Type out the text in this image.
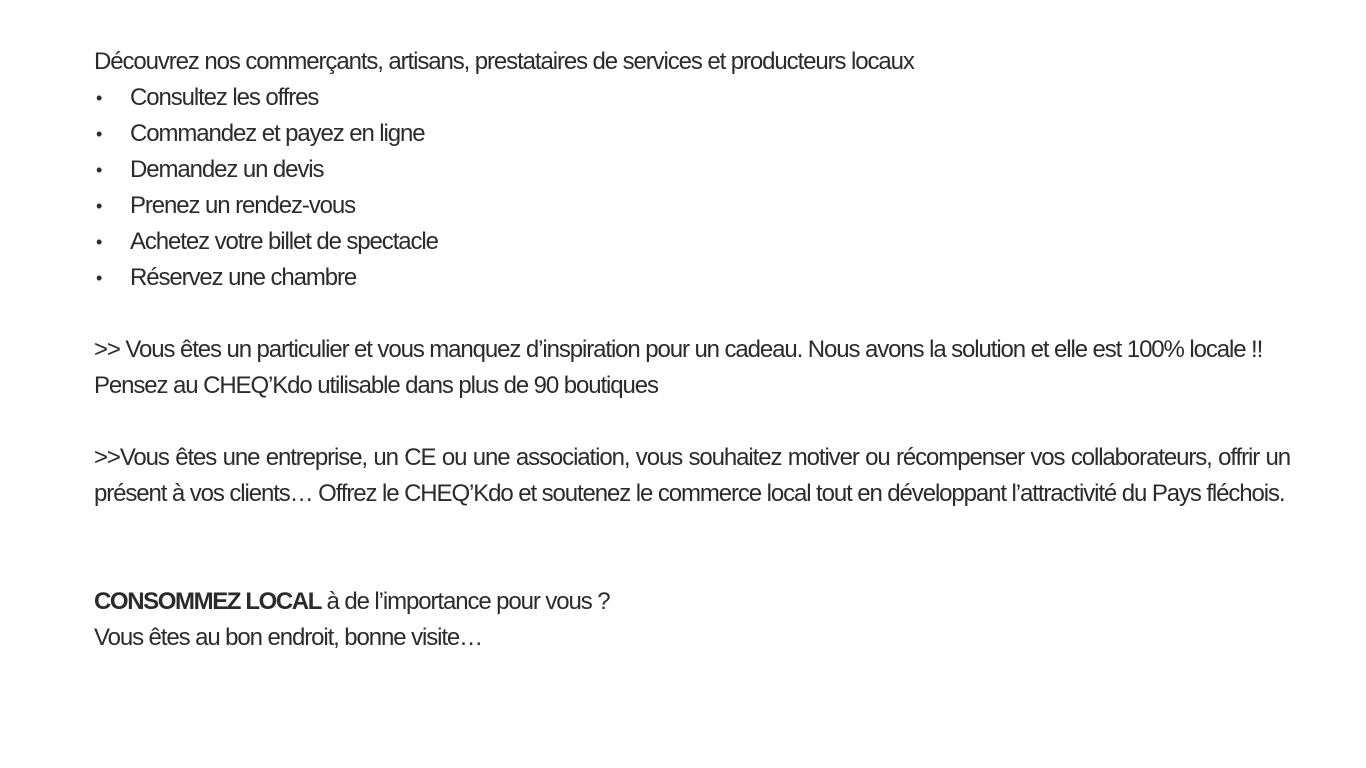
Découvrez nos commerçants, artisans, prestataires de services et producteurs locaux

• Consultez les offres
• Commandez et payez en ligne
• Demandez un devis
• Prenez un rendez-vous
• Achetez votre billet de spectacle
• Réservez une chambre

>> Vous êtes un particulier et vous manquez d’inspiration pour un cadeau. Nous avons la solution et elle est 100% locale !!

Pensez au CHEQ’Kdo utilisable dans plus de 90 boutiques

>>Vous êtes une entreprise, un CE ou une association, vous souhaitez motiver ou récompenser vos collaborateurs, offrir un présent à vos clients… Offrez le CHEQ’Kdo et soutenez le commerce local tout en développant l’attractivité du Pays fléchois.

CONSOMMEZ LOCAL à de l’importance pour vous ?

Vous êtes au bon endroit, bonne visite…
